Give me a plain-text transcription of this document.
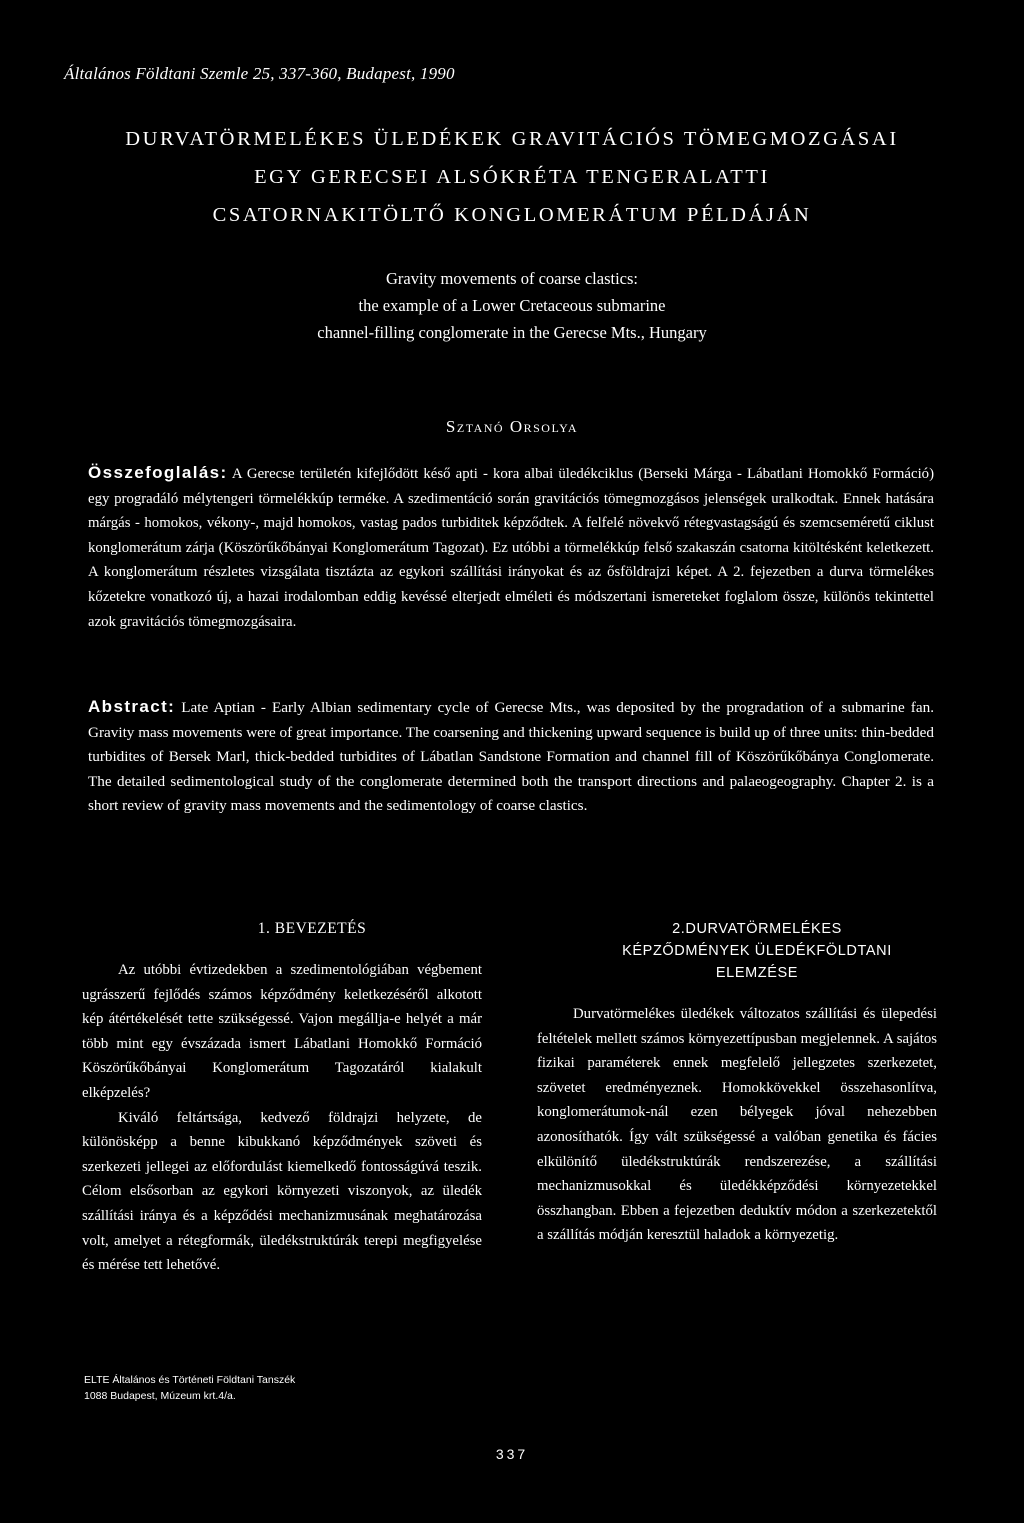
Általános Földtani Szemle 25, 337-360, Budapest, 1990
DURVATÖRMELÉKES ÜLEDÉKEK GRAVITÁCIÓS TÖMEGMOZGÁSAI
EGY GERECSEI ALSÓKRÉTA TENGERALATTI
CSATORNAKITÖLTŐ KONGLOMERÁTUM PÉLDÁJÁN
Gravity movements of coarse clastics:
the example of a Lower Cretaceous submarine
channel-filling conglomerate in the Gerecse Mts., Hungary
Sztanó Orsolya
Összefoglalás: A Gerecse területén kifejlődött késő apti - kora albai üledékciklus (Berseki Márga - Lábatlani Homokkő Formáció) egy progradáló mélytengeri törmelékkúp terméke. A szedimentáció során gravitációs tömegmozgásos jelenségek uralkodtak. Ennek hatására márgás - homokos, vékony-, majd homokos, vastag pados turbiditek képződtek. A felfelé növekvő rétegvastagságú és szemcseméretű ciklust konglomerátum zárja (Köszörűkőbányai Konglomerátum Tagozat). Ez utóbbi a törmelékkúp felső szakaszán csatorna kitöltésként keletkezett. A konglomerátum részletes vizsgálata tisztázta az egykori szállítási irányokat és az ősföldrajzi képet. A 2. fejezetben a durva törmelékes kőzetekre vonatkozó új, a hazai irodalomban eddig kevéssé elterjedt elméleti és módszertani ismereteket foglalom össze, különös tekintettel azok gravitációs tömegmozgásaira.
Abstract: Late Aptian - Early Albian sedimentary cycle of Gerecse Mts., was deposited by the progradation of a submarine fan. Gravity mass movements were of great importance. The coarsening and thickening upward sequence is build up of three units: thin-bedded turbidites of Bersek Marl, thick-bedded turbidites of Lábatlan Sandstone Formation and channel fill of Köszörűkőbánya Conglomerate. The detailed sedimentological study of the conglomerate determined both the transport directions and palaeogeography. Chapter 2. is a short review of gravity mass movements and the sedimentology of coarse clastics.
1. BEVEZETÉS

Az utóbbi évtizedekben a szedimentológiában végbement ugrásszerű fejlődés számos képződmény keletkezéséről alkotott kép átértékelését tette szükségessé. Vajon megállja-e helyét a már több mint egy évszázada ismert Lábatlani Homokkő Formáció Köszörűkőbányai Konglomerátum Tagozatáról kialakult elképzelés?

Kiváló feltártsága, kedvező földrajzi helyzete, de különösképp a benne kibukkanó képződmények szöveti és szerkezeti jellegei az előfordulást kiemelkedő fontosságúvá teszik. Célom elsősorban az egykori környezeti viszonyok, az üledék szállítási iránya és a képződési mechanizmusának meghatározása volt, amelyet a rétegformák, üledékstruktúrák terepi megfigyelése és mérése tett lehetővé.

2.DURVATÖRMELÉKES
KÉPZŐDMÉNYEK ÜLEDÉKFÖLDTANI
ELEMZÉSE

Durvatörmelékes üledékek változatos szállítási és ülepedési feltételek mellett számos környezettípusban megjelennek. A sajátos fizikai paraméterek ennek megfelelő jellegzetes szerkezetet, szövetet eredményeznek. Homokkövekkel összehasonlítva, konglomerátumok-nál ezen bélyegek jóval nehezebben azonosíthatók. Így vált szükségessé a valóban genetika és fácies elkülönítő üledékstruktúrák rendszerezése, a szállítási mechanizmusokkal és üledékképződési környezetekkel összhangban. Ebben a fejezetben deduktív módon a szerkezetektől a szállítás módján keresztül haladok a környezetig.

ELTE Általános és Történeti Földtani Tanszék
1088 Budapest, Múzeum krt.4/a.
337
